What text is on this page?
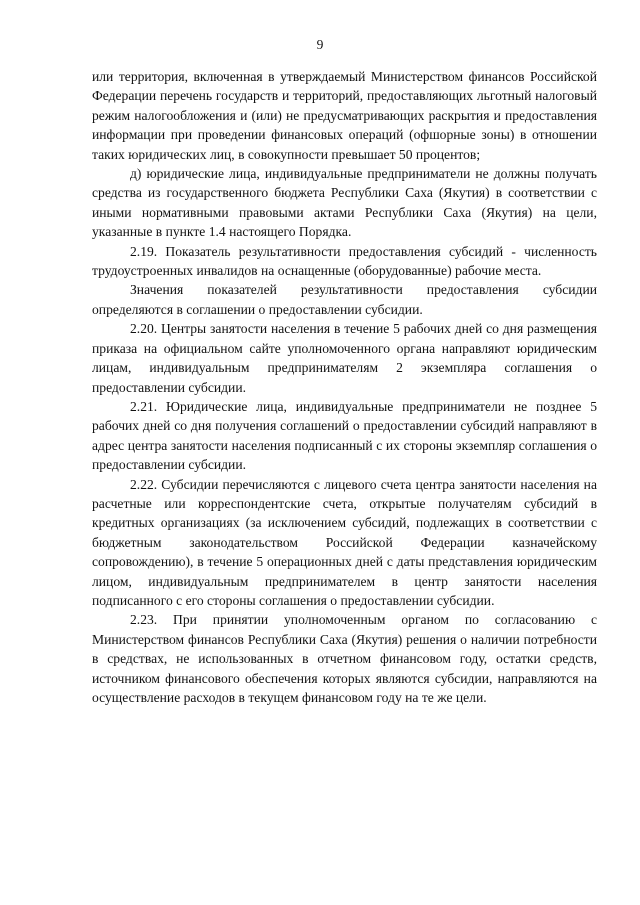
9

или территория, включенная в утверждаемый Министерством финансов Российской Федерации перечень государств и территорий, предоставляющих льготный налоговый режим налогообложения и (или) не предусматривающих раскрытия и предоставления информации при проведении финансовых операций (офшорные зоны) в отношении таких юридических лиц, в совокупности превышает 50 процентов;

д) юридические лица, индивидуальные предприниматели не должны получать средства из государственного бюджета Республики Саха (Якутия) в соответствии с иными нормативными правовыми актами Республики Саха (Якутия) на цели, указанные в пункте 1.4 настоящего Порядка.

2.19. Показатель результативности предоставления субсидий - численность трудоустроенных инвалидов на оснащенные (оборудованные) рабочие места.

Значения показателей результативности предоставления субсидии определяются в соглашении о предоставлении субсидии.

2.20. Центры занятости населения в течение 5 рабочих дней со дня размещения приказа на официальном сайте уполномоченного органа направляют юридическим лицам, индивидуальным предпринимателям 2 экземпляра соглашения о предоставлении субсидии.

2.21. Юридические лица, индивидуальные предприниматели не позднее 5 рабочих дней со дня получения соглашений о предоставлении субсидий направляют в адрес центра занятости населения подписанный с их стороны экземпляр соглашения о предоставлении субсидии.

2.22. Субсидии перечисляются с лицевого счета центра занятости населения на расчетные или корреспондентские счета, открытые получателям субсидий в кредитных организациях (за исключением субсидий, подлежащих в соответствии с бюджетным законодательством Российской Федерации казначейскому сопровождению), в течение 5 операционных дней с даты представления юридическим лицом, индивидуальным предпринимателем в центр занятости населения подписанного с его стороны соглашения о предоставлении субсидии.

2.23. При принятии уполномоченным органом по согласованию с Министерством финансов Республики Саха (Якутия) решения о наличии потребности в средствах, не использованных в отчетном финансовом году, остатки средств, источником финансового обеспечения которых являются субсидии, направляются на осуществление расходов в текущем финансовом году на те же цели.
